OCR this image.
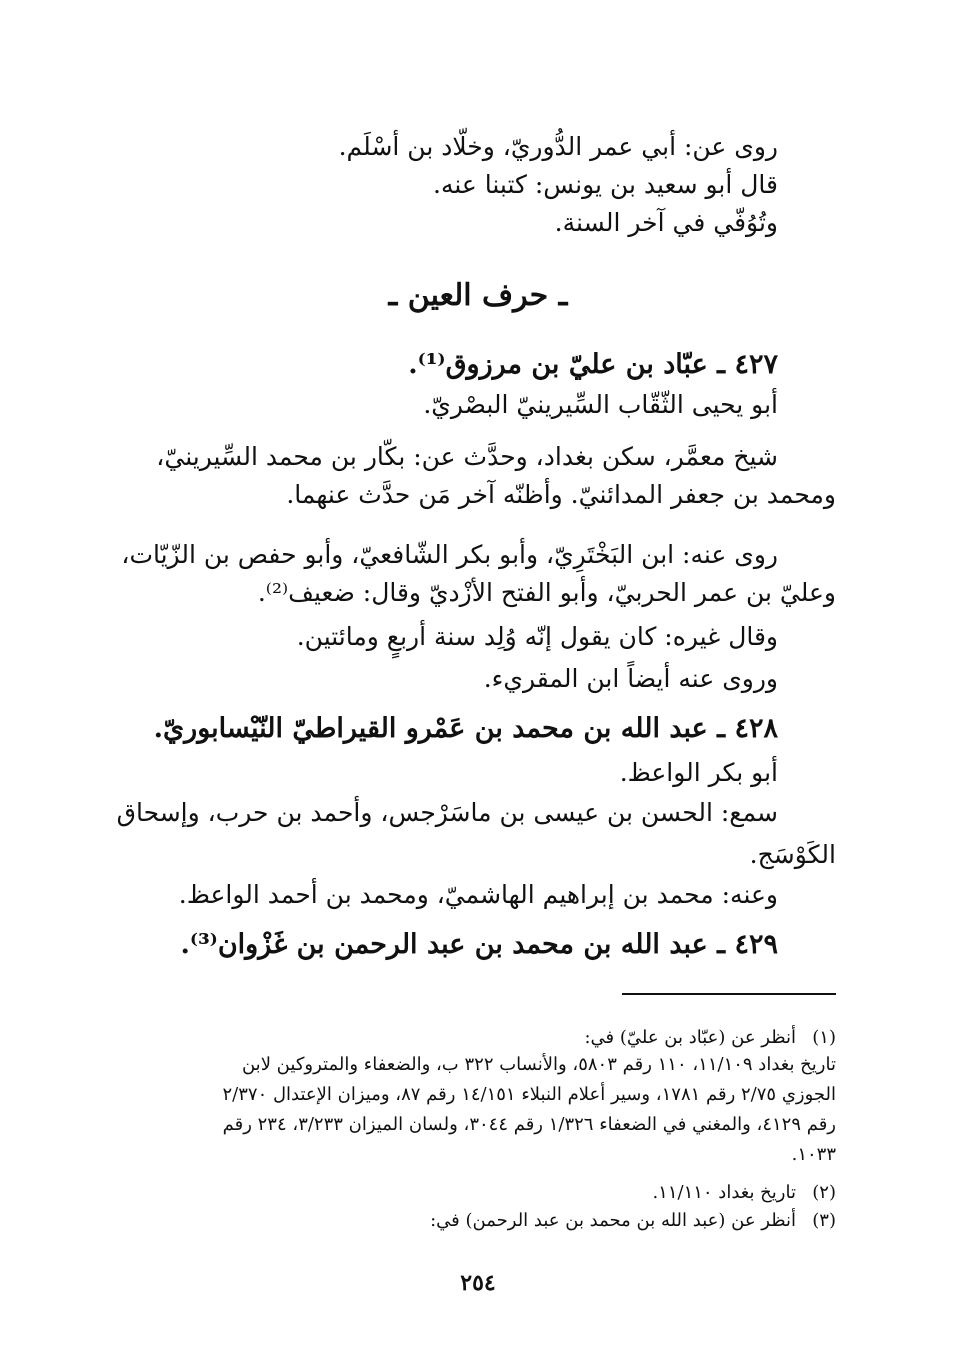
روى عن: أبي عمر الدُّوريّ، وخلّاد بن أسْلَم.
قال أبو سعيد بن يونس: كتبنا عنه.
وتُوُفّي في آخر السنة.
ـ حرف العين ـ
٤٢٧ ـ عبّاد بن عليّ بن مرزوق⁽¹⁾.
أبو يحيى الثّقّاب السِّيرينيّ البصْريّ.
شيخ معمَّر، سكن بغداد، وحدَّث عن: بكّار بن محمد السِّيرينيّ،
ومحمد بن جعفر المدائنيّ. وأظنّه آخر مَن حدَّث عنهما.
روى عنه: ابن البَخْتَرِيّ، وأبو بكر الشّافعيّ، وأبو حفص بن الزّيّات،
وعليّ بن عمر الحربيّ، وأبو الفتح الأزْديّ وقال: ضعيف⁽²⁾.
وقال غيره: كان يقول إنّه وُلِد سنة أربعٍ ومائتين.
وروى عنه أيضاً ابن المقريء.
٤٢٨ ـ عبد الله بن محمد بن عَمْرو القيراطيّ النّيْسابوريّ.
أبو بكر الواعظ.
سمع: الحسن بن عيسى بن ماسَرْجس، وأحمد بن حرب، وإسحاق
الكَوْسَج.
وعنه: محمد بن إبراهيم الهاشميّ، ومحمد بن أحمد الواعظ.
٤٢٩ ـ عبد الله بن محمد بن عبد الرحمن بن غَزْوان⁽³⁾.
(١)
أنظر عن (عبّاد بن عليّ) في:
تاريخ بغداد ١١/١٠٩، ١١٠ رقم ٥٨٠٣، والأنساب ٣٢٢ ب، والضعفاء والمتروكين لابن
الجوزي ٢/٧٥ رقم ١٧٨١، وسير أعلام النبلاء ١٤/١٥١ رقم ٨٧، وميزان الإعتدال ٢/٣٧٠
رقم ٤١٢٩، والمغني في الضعفاء ١/٣٢٦ رقم ٣٠٤٤، ولسان الميزان ٣/٢٣٣، ٢٣٤ رقم
١٠٣٣.
(٢)
تاريخ بغداد ١١/١١٠.
(٣)
أنظر عن (عبد الله بن محمد بن عبد الرحمن) في:
٢٥٤
